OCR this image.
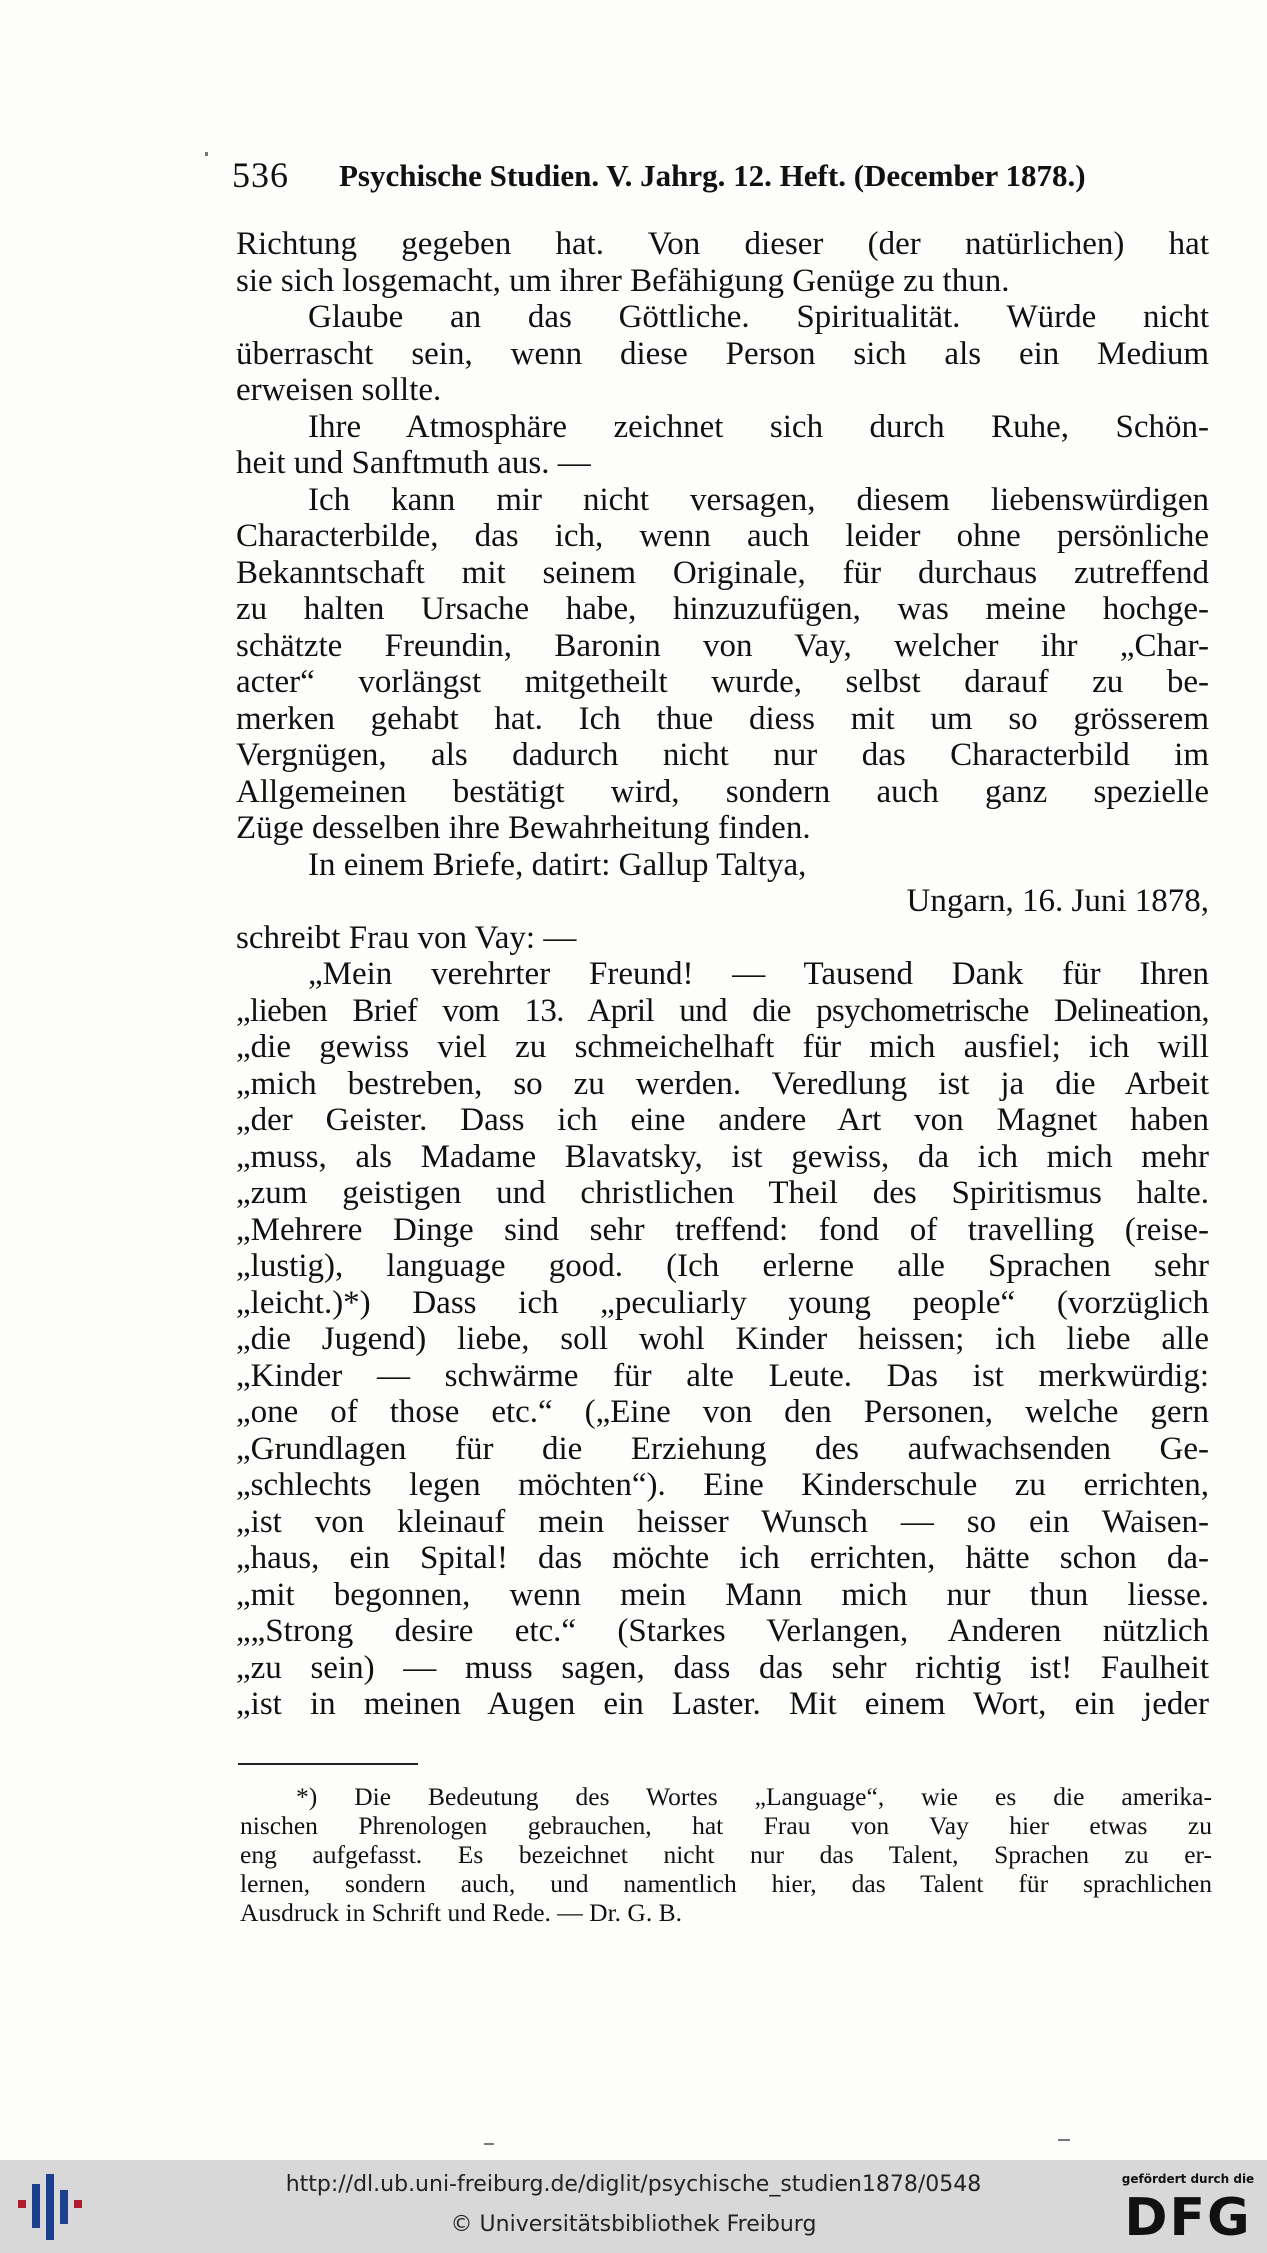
536 Psychische Studien. V. Jahrg. 12. Heft. (December 1878.)
Richtung gegeben hat. Von dieser (der natürlichen) hat
sie sich losgemacht, um ihrer Befähigung Genüge zu thun.
Glaube an das Göttliche. Spiritualität. Würde nicht
überrascht sein, wenn diese Person sich als ein Medium
erweisen sollte.
Ihre Atmosphäre zeichnet sich durch Ruhe, Schön-
heit und Sanftmuth aus. —
Ich kann mir nicht versagen, diesem liebenswürdigen
Characterbilde, das ich, wenn auch leider ohne persönliche
Bekanntschaft mit seinem Originale, für durchaus zutreffend
zu halten Ursache habe, hinzuzufügen, was meine hochge-
schätzte Freundin, Baronin von Vay, welcher ihr „Char-
acter“ vorlängst mitgetheilt wurde, selbst darauf zu be-
merken gehabt hat. Ich thue diess mit um so grösserem
Vergnügen, als dadurch nicht nur das Characterbild im
Allgemeinen bestätigt wird, sondern auch ganz spezielle
Züge desselben ihre Bewahrheitung finden.
In einem Briefe, datirt: Gallup Taltya,
Ungarn, 16. Juni 1878,
schreibt Frau von Vay: —
„Mein verehrter Freund! — Tausend Dank für Ihren
„lieben Brief vom 13. April und die psychometrische Delineation,
„die gewiss viel zu schmeichelhaft für mich ausfiel; ich will
„mich bestreben, so zu werden. Veredlung ist ja die Arbeit
„der Geister. Dass ich eine andere Art von Magnet haben
„muss, als Madame Blavatsky, ist gewiss, da ich mich mehr
„zum geistigen und christlichen Theil des Spiritismus halte.
„Mehrere Dinge sind sehr treffend: fond of travelling (reise-
„lustig), language good. (Ich erlerne alle Sprachen sehr
„leicht.)*) Dass ich „peculiarly young people“ (vorzüglich
„die Jugend) liebe, soll wohl Kinder heissen; ich liebe alle
„Kinder — schwärme für alte Leute. Das ist merkwürdig:
„one of those etc.“ („Eine von den Personen, welche gern
„Grundlagen für die Erziehung des aufwachsenden Ge-
„schlechts legen möchten“). Eine Kinderschule zu errichten,
„ist von kleinauf mein heisser Wunsch — so ein Waisen-
„haus, ein Spital! das möchte ich errichten, hätte schon da-
„mit begonnen, wenn mein Mann mich nur thun liesse.
„„Strong desire etc.“ (Starkes Verlangen, Anderen nützlich
„zu sein) — muss sagen, dass das sehr richtig ist! Faulheit
„ist in meinen Augen ein Laster. Mit einem Wort, ein jeder
*) Die Bedeutung des Wortes „Language“, wie es die amerika-
nischen Phrenologen gebrauchen, hat Frau von Vay hier etwas zu
eng aufgefasst. Es bezeichnet nicht nur das Talent, Sprachen zu er-
lernen, sondern auch, und namentlich hier, das Talent für sprachlichen
Ausdruck in Schrift und Rede. — Dr. G. B.
http://dl.ub.uni-freiburg.de/diglit/psychische_studien1878/0548
© Universitätsbibliothek Freiburg
gefördert durch die
DFG
